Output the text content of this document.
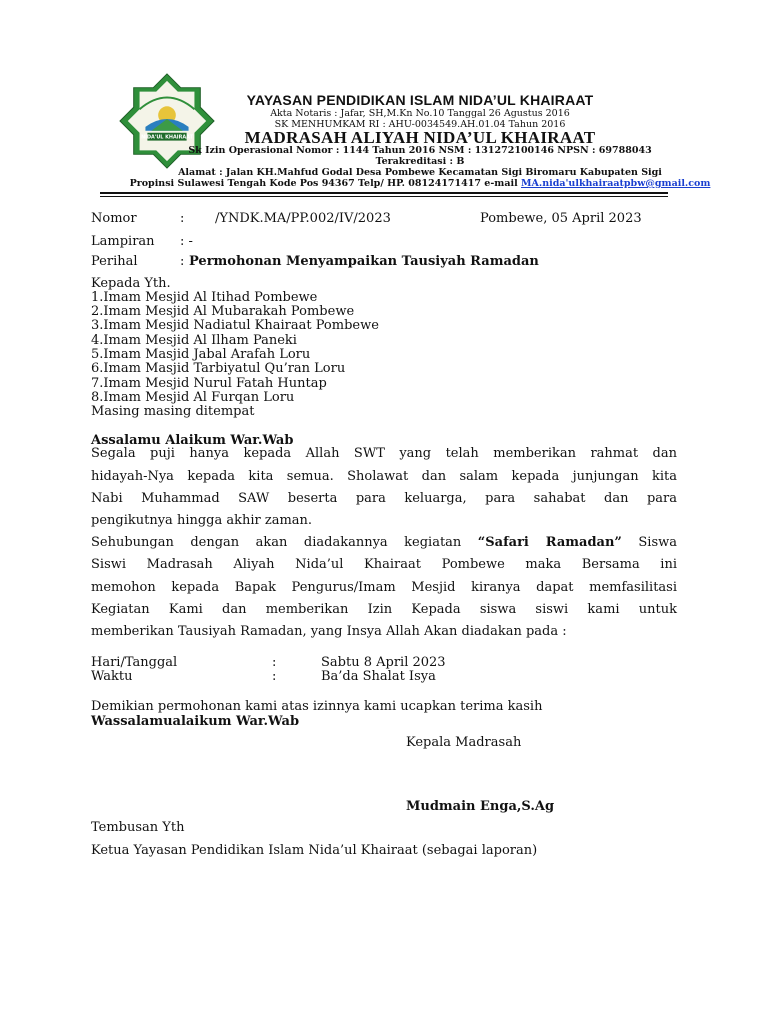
NIDA'UL KHAIRAAT
YAYASAN PENDIDIKAN ISLAM NIDA’UL KHAIRAAT
Akta Notaris : Jafar, SH,M.Kn No.10 Tanggal 26 Agustus 2016
SK MENHUMKAM RI : AHU-0034549.AH.01.04 Tahun 2016
MADRASAH ALIYAH NIDA’UL KHAIRAAT
Sk Izin Operasional Nomor : 1144 Tahun 2016 NSM : 131272100146 NPSN : 69788043
Terakreditasi : B
Alamat : Jalan KH.Mahfud Godal Desa Pombewe Kecamatan Sigi Biromaru Kabupaten Sigi
Propinsi Sulawesi Tengah Kode Pos 94367 Telp/ HP. 08124171417 e-mail MA.nida'ulkhairaatpbw@gmail.com
Nomor	: /YNDK.MA/PP.002/IV/2023	Pombewe, 05 April 2023
Lampiran : -
Perihal	: Permohonan Menyampaikan Tausiyah Ramadan
Kepada Yth.
1.Imam Mesjid Al Itihad Pombewe
2.Imam Mesjid Al Mubarakah Pombewe
3.Imam Mesjid Nadiatul Khairaat Pombewe
4.Imam Mesjid Al Ilham Paneki
5.Imam Masjid Jabal Arafah Loru
6.Imam Masjid Tarbiyatul Qu’ran Loru
7.Imam Mesjid Nurul Fatah Huntap
8.Imam Mesjid Al Furqan Loru
Masing masing ditempat
Assalamu Alaikum War.Wab
Segala puji hanya kepada Allah SWT yang telah memberikan rahmat dan
hidayah-Nya kepada kita semua. Sholawat dan salam kepada junjungan kita
Nabi Muhammad SAW beserta para keluarga, para sahabat dan para
pengikutnya hingga akhir zaman.
Sehubungan dengan akan diadakannya kegiatan “Safari Ramadan” Siswa
Siswi Madrasah Aliyah Nida’ul Khairaat Pombewe maka Bersama ini
memohon kepada Bapak Pengurus/Imam Mesjid kiranya dapat memfasilitasi
Kegiatan Kami dan memberikan Izin Kepada siswa siswi kami untuk
memberikan Tausiyah Ramadan, yang Insya Allah Akan diadakan pada :
Hari/Tanggal	:	Sabtu 8 April 2023
Waktu	:	Ba’da Shalat Isya
Demikian permohonan kami atas izinnya kami ucapkan terima kasih
Wassalamualaikum War.Wab
Kepala Madrasah
Mudmain Enga,S.Ag
Tembusan Yth
Ketua Yayasan Pendidikan Islam Nida’ul Khairaat (sebagai laporan)
